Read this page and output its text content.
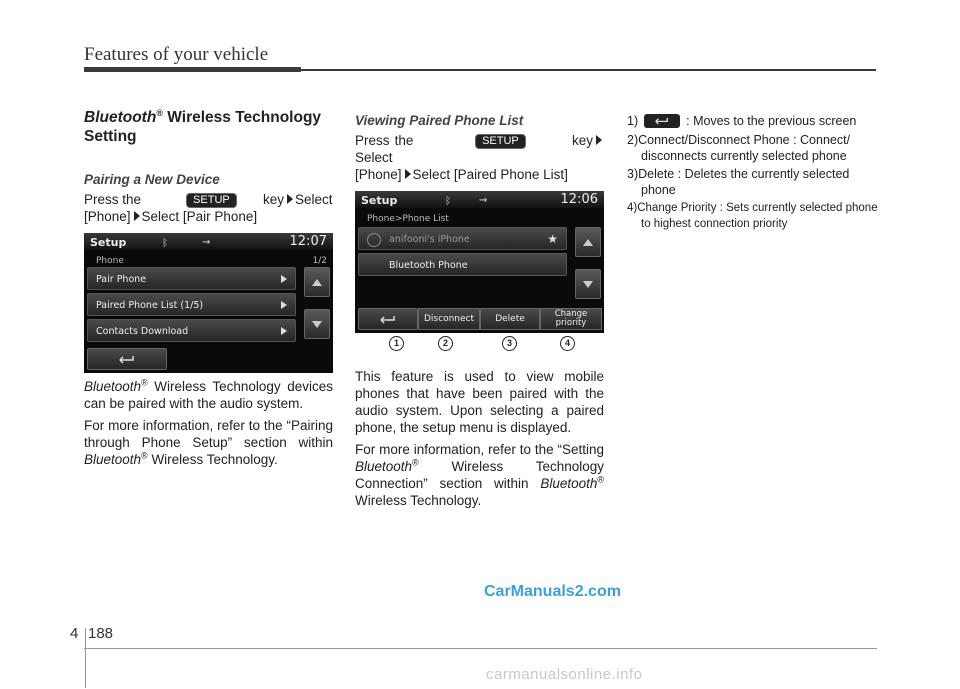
Features of your vehicle

Bluetooth® Wireless Technology Setting

Pairing a New Device

Press the	SETUP key Select
[Phone] Select [Pair Phone]

Setup	ᛒ	⇝	12:07
Phone	1/2
Pair Phone
Paired Phone List (1/5)
Contacts Download

Bluetooth® Wireless Technology devices can be paired with the audio system.

For more information, refer to the “Pairing through Phone Setup” section within Bluetooth® Wireless Technology.

Viewing Paired Phone List

Press the	SETUP	keySelect
[Phone] Select [Paired Phone List]

Setup	ᛒ	⇝	12:06
Phone>Phone List
anifooni's iPhone	★
Bluetooth Phone
Disconnect	Delete	Change
priority
1	2	3	4

This feature is used to view mobile phones that have been paired with the audio system. Upon selecting a paired phone, the setup menu is displayed.

For more information, refer to the “Setting Bluetooth® Wireless Technology Connection” section within Bluetooth® Wireless Technology.

1)	: Moves to the previous screen

2)Connect/Disconnect Phone : Connect/ disconnects currently selected phone

3)Delete : Deletes the currently selected phone

4)Change Priority : Sets currently selected phone to highest connection priority

CarManuals2.com
4 188
carmanualsonline.info
